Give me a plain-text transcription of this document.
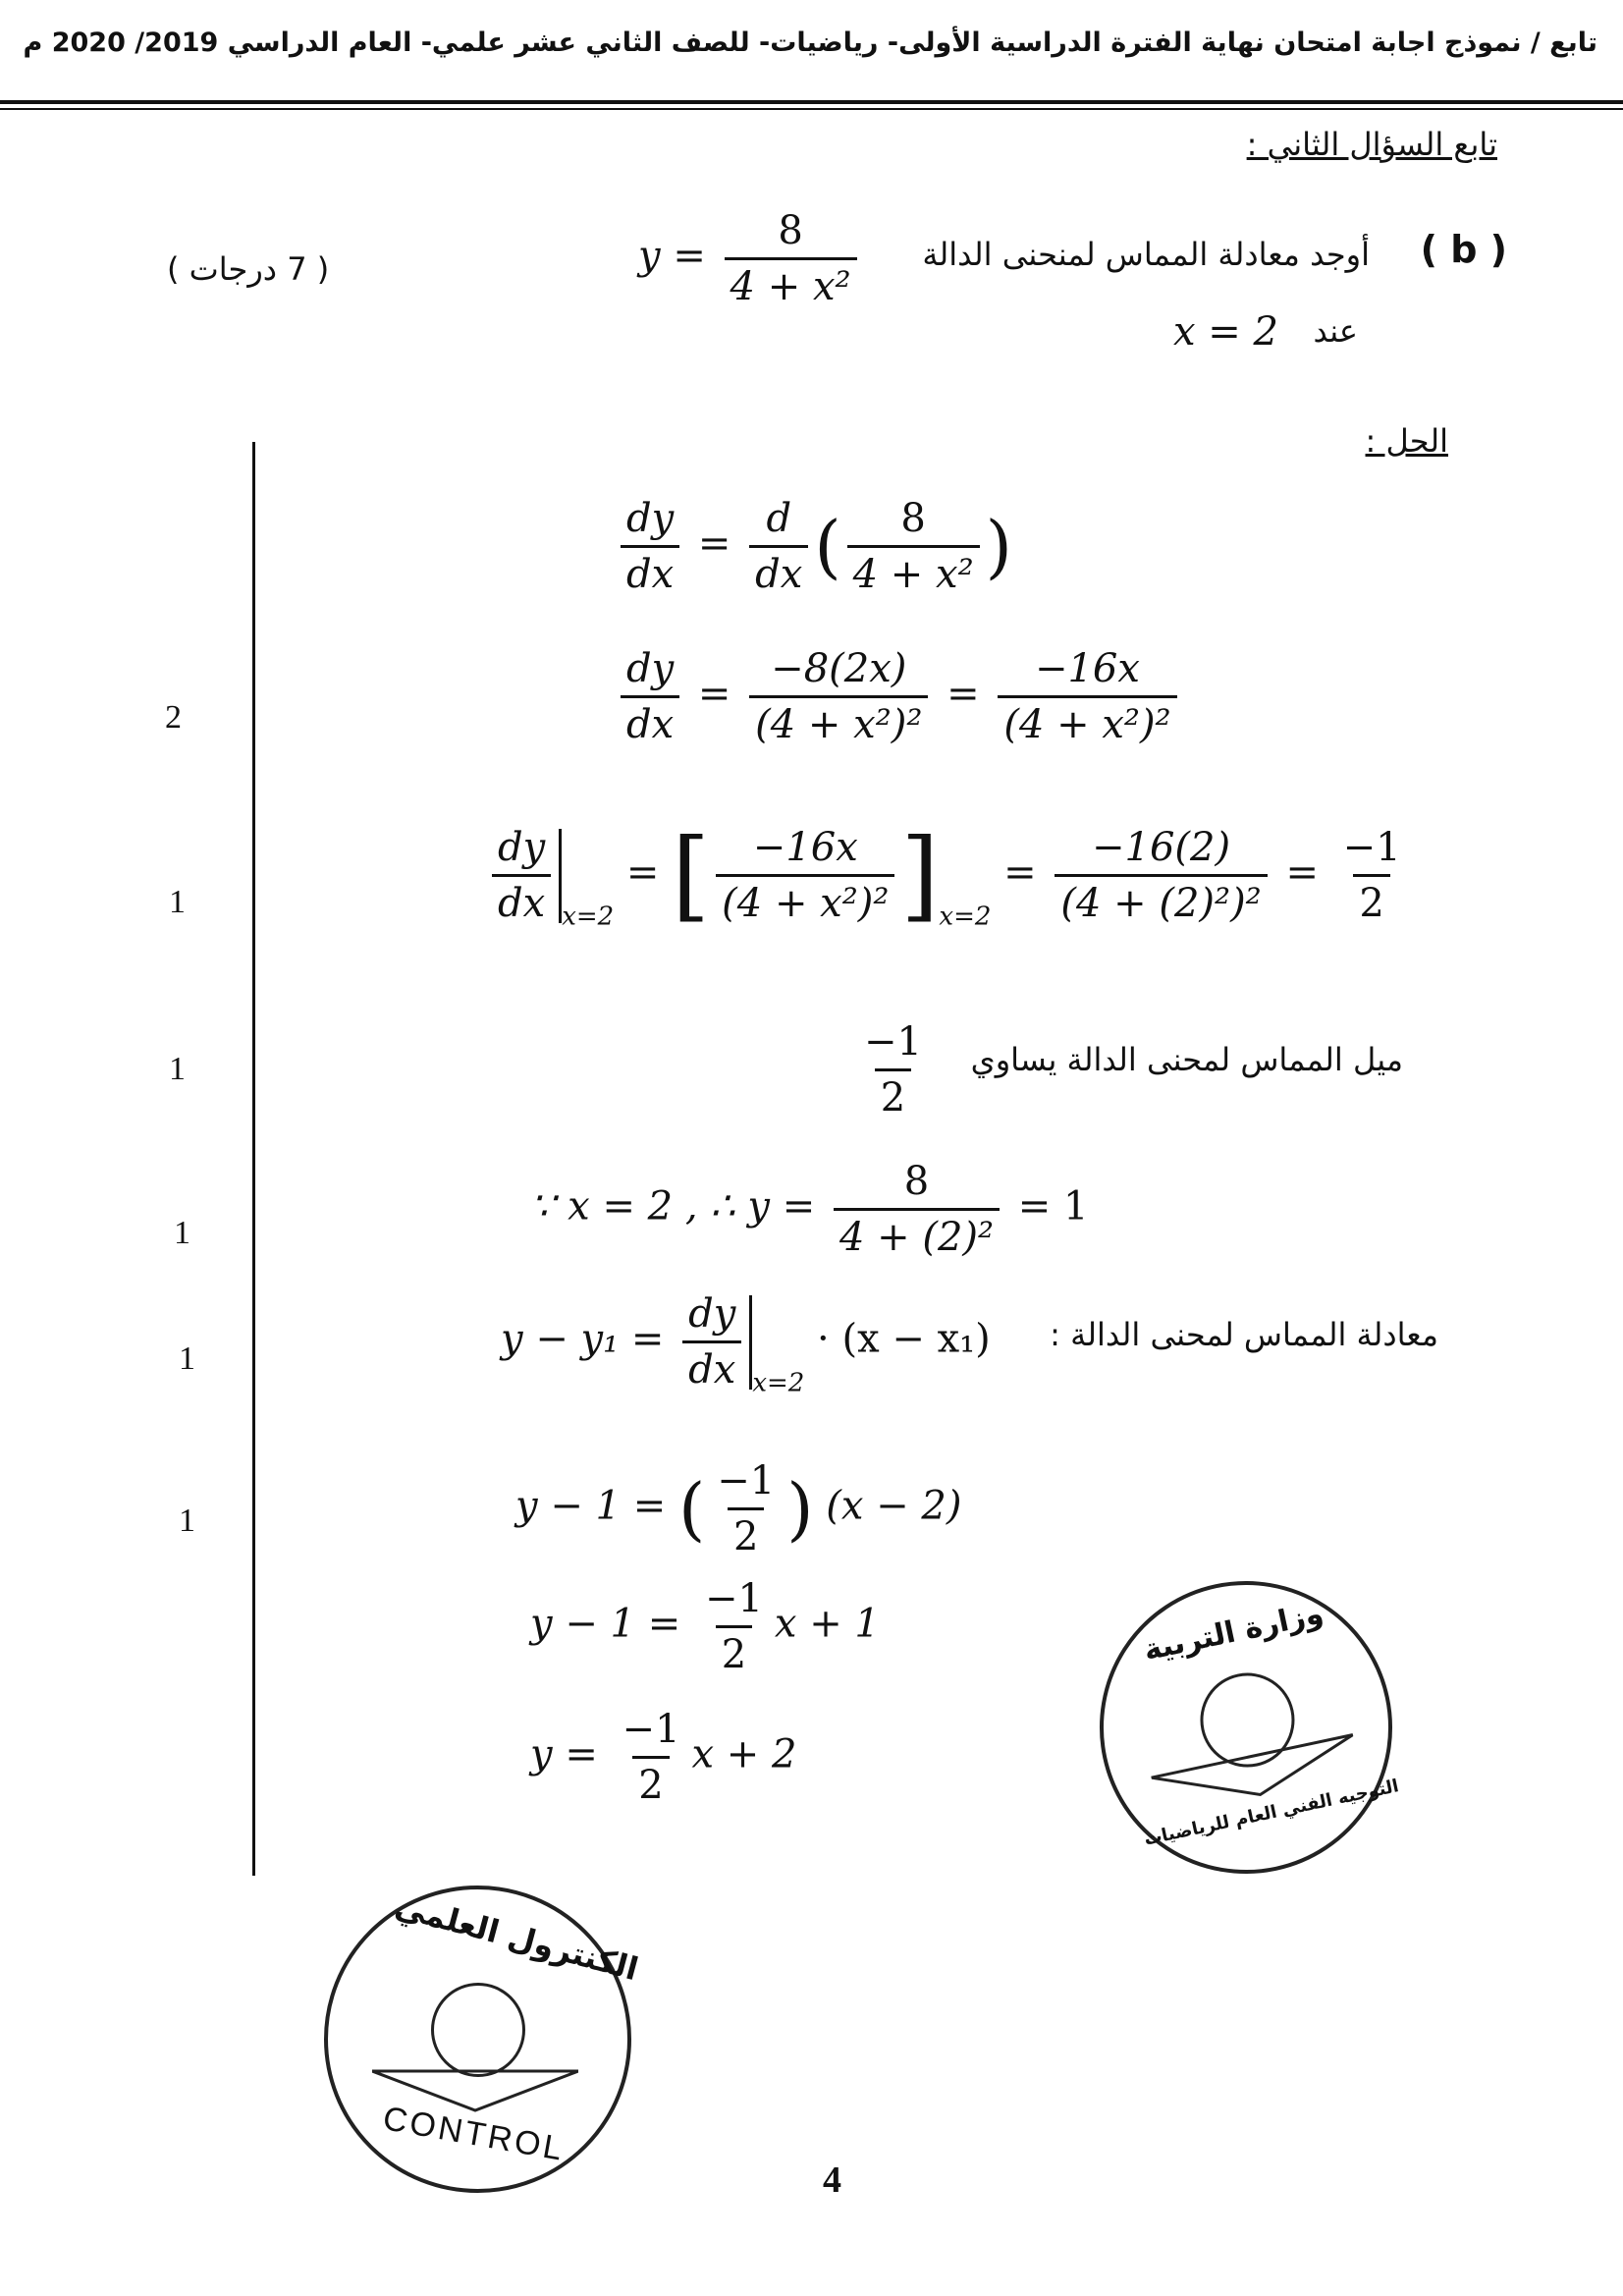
تابع / نموذج اجابة امتحان نهاية الفترة الدراسية الأولى- رياضيات- للصف الثاني عشر علمي- العام الدراسي 2019/ 2020 م
تابع السؤال الثاني :
( b )
أوجد معادلة المماس لمنحنى الدالة
$y = \frac{8}{\text{4 + x²}}$
( 7 درجات )
عند
x = 2
الحل :
$\frac{dy}{dx} = \frac{d}{dx}$ ( $\frac{8}{\text{4 + x²}}$ )
$\frac{dy}{dx} = \frac{-8(2x)}{\text{(4 + x²)²}} = \frac{-16x}{\text{(4 + x²)²}}$
2
$\frac{dy}{dx} _{x=2}$ = [ $\frac{-16x}{\text{(4 + x²)²}} ]_{x=2} = \frac{-16(2)}{\text{(4 + (2)²)²}} = \frac{-1}{2}$
1
ميل المماس لمحنى الدالة يساوي
$\frac{-1}{2}$
1
∵ x = 2 , ∴ $y = \frac{8}{\text{4 + (2)²}} = 1$
1
معادلة المماس لمحنى الدالة :
$y - y_1 = \frac{dy}{dx} _{x=2} \cdot (x - x_1)$
1
y − 1 = ( $\frac{-1}{2}$ ) (x − 2)
1
$y - 1 = \frac{-1}{2}$ x + 1
$y = \frac{-1}{2}$ x + 2
وزارة التربية
التوجيه الفني العام للرياضيات
الكنترول العلمي
CONTROL
4
